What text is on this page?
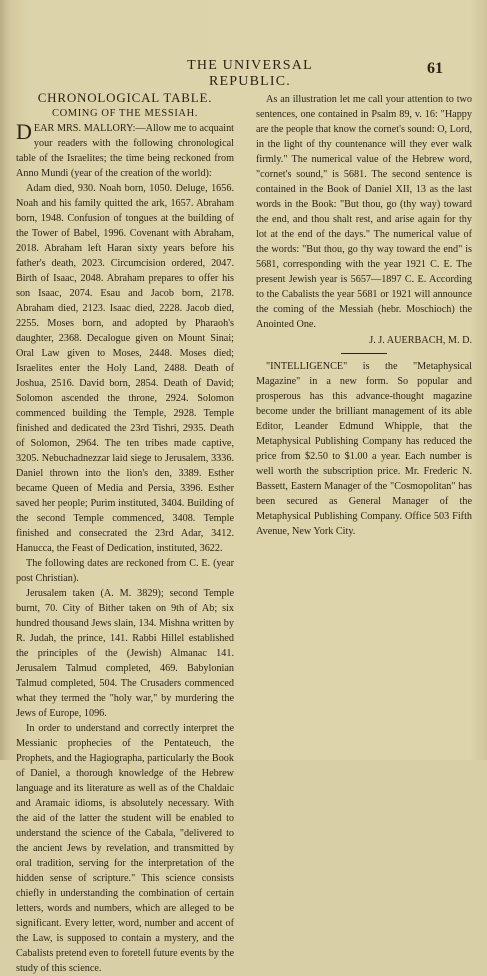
THE UNIVERSAL REPUBLIC.
61

CHRONOLOGICAL TABLE.

COMING OF THE MESSIAH.

DEAR MRS. MALLORY:—Allow me to acquaint your readers with the following chronological table of the Israelites; the time being reckoned from Anno Mundi (year of the creation of the world):

Adam died, 930. Noah born, 1050. Deluge, 1656. Noah and his family quitted the ark, 1657. Abraham born, 1948. Confusion of tongues at the building of the Tower of Babel, 1996. Covenant with Abraham, 2018. Abraham left Haran sixty years before his father's death, 2023. Circumcision ordered, 2047. Birth of Isaac, 2048. Abraham prepares to offer his son Isaac, 2074. Esau and Jacob born, 2178. Abraham died, 2123. Isaac died, 2228. Jacob died, 2255. Moses born, and adopted by Pharaoh's daughter, 2368. Decalogue given on Mount Sinai; Oral Law given to Moses, 2448. Moses died; Israelites enter the Holy Land, 2488. Death of Joshua, 2516. David born, 2854. Death of David; Solomon ascended the throne, 2924. Solomon commenced building the Temple, 2928. Temple finished and dedicated the 23rd Tishri, 2935. Death of Solomon, 2964. The ten tribes made captive, 3205. Nebuchadnezzar laid siege to Jerusalem, 3336. Daniel thrown into the lion's den, 3389. Esther became Queen of Media and Persia, 3396. Esther saved her people; Purim instituted, 3404. Building of the second Temple commenced, 3408. Temple finished and consecrated the 23rd Adar, 3412. Hanucca, the Feast of Dedication, instituted, 3622.

The following dates are reckoned from C. E. (year post Christian).

Jerusalem taken (A. M. 3829); second Temple burnt, 70. City of Bither taken on 9th of Ab; six hundred thousand Jews slain, 134. Mishna written by R. Judah, the prince, 141. Rabbi Hillel established the principles of the (Jewish) Almanac 141. Jerusalem Talmud completed, 469. Babylonian Talmud completed, 504. The Crusaders commenced what they termed the "holy war," by murdering the Jews of Europe, 1096.

In order to understand and correctly interpret the Messianic prophecies of the Pentateuch, the Prophets, and the Hagiographa, particularly the Book of Daniel, a thorough knowledge of the Hebrew language and its literature as well as of the Chaldaic and Aramaic idioms, is absolutely necessary. With the aid of the latter the student will be enabled to understand the science of the Cabala, "delivered to the ancient Jews by revelation, and transmitted by oral tradition, serving for the interpretation of the hidden sense of scripture." This science consists chiefly in understanding the combination of certain letters, words and numbers, which are alleged to be significant. Every letter, word, number and accent of the Law, is supposed to contain a mystery, and the Cabalists pretend even to foretell future events by the study of this science.

As an illustration let me call your attention to two sentences, one contained in Psalm 89, v. 16: "Happy are the people that know the cornet's sound: O, Lord, in the light of thy countenance will they ever walk firmly." The numerical value of the Hebrew word, "cornet's sound," is 5681. The second sentence is contained in the Book of Daniel XII, 13 as the last words in the Book: "But thou, go (thy way) toward the end, and thou shalt rest, and arise again for thy lot at the end of the days." The numerical value of the words: "But thou, go thy way toward the end" is 5681, corresponding with the year 1921 C. E. The present Jewish year is 5657—1897 C. E. According to the Cabalists the year 5681 or 1921 will announce the coming of the Messiah (hebr. Moschioch) the Anointed One.

J. J. AUERBACH, M. D.

"INTELLIGENCE" is the "Metaphysical Magazine" in a new form. So popular and prosperous has this advance-thought magazine become under the brilliant management of its able Editor, Leander Edmund Whipple, that the Metaphysical Publishing Company has reduced the price from $2.50 to $1.00 a year. Each number is well worth the subscription price. Mr. Frederic N. Bassett, Eastern Manager of the "Cosmopolitan" has been secured as General Manager of the Metaphysical Publishing Company. Office 503 Fifth Avenue, New York City.
